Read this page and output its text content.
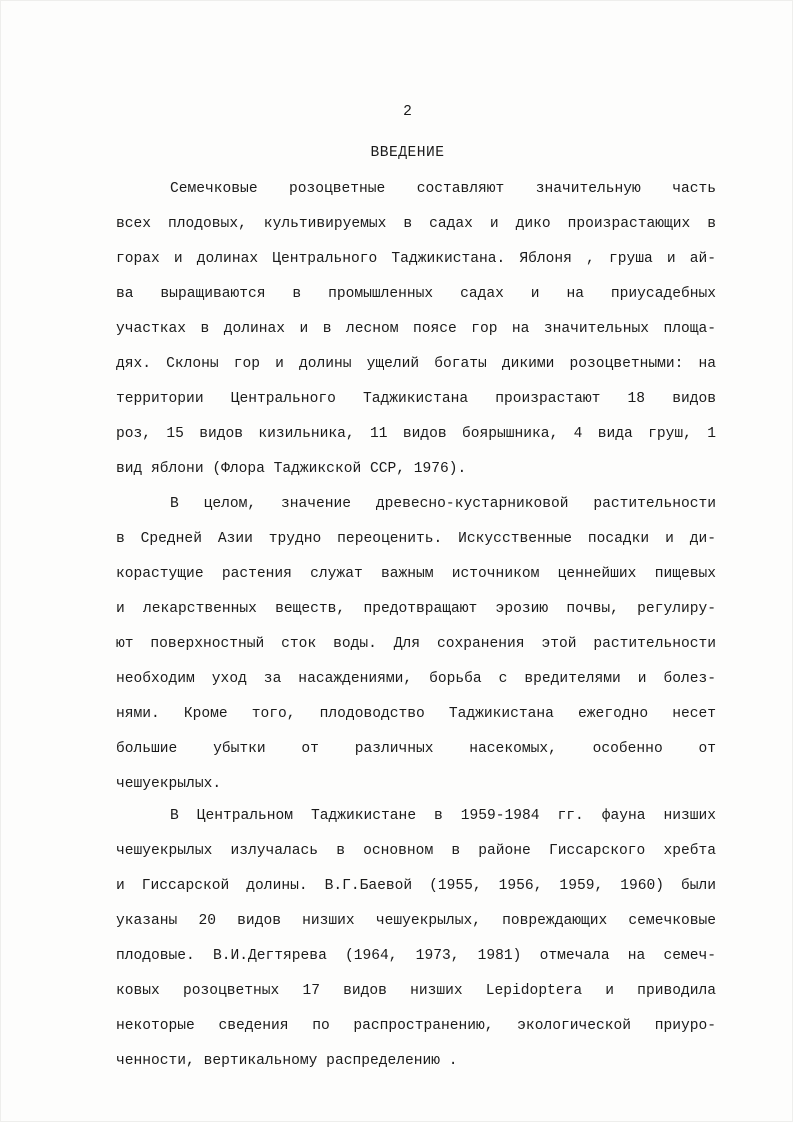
2
ВВЕДЕНИЕ
Семечковые розоцветные составляют значительную часть
всех плодовых, культивируемых в садах и дико произрастающих в
горах и долинах Центрального Таджикистана. Яблоня , груша и ай-
ва выращиваются в промышленных садах и на приусадебных
участках в долинах и в лесном поясе гор на значительных площа-
дях. Склоны гор и долины ущелий богаты дикими розоцветными: на
территории Центрального Таджикистана произрастают 18 видов
роз, 15 видов кизильника, 11 видов боярышника, 4 вида груш, 1
вид яблони (Флора Таджикской ССР, 1976).
В целом, значение древесно-кустарниковой растительности
в Средней Азии трудно переоценить. Искусственные посадки и ди-
корастущие растения служат важным источником ценнейших пищевых
и лекарственных веществ, предотвращают эрозию почвы, регулиру-
ют поверхностный сток воды. Для сохранения этой растительности
необходим уход за насаждениями, борьба с вредителями и болез-
нями. Кроме того, плодоводство Таджикистана ежегодно несет
большие убытки от различных насекомых, особенно от
чешуекрылых.
В Центральном Таджикистане в 1959-1984 гг. фауна низших
чешуекрылых излучалась в основном в районе Гиссарского хребта
и Гиссарской долины. В.Г.Баевой (1955, 1956, 1959, 1960) были
указаны 20 видов низших чешуекрылых, повреждающих семечковые
плодовые. В.И.Дегтярева (1964, 1973, 1981) отмечала на семеч-
ковых розоцветных 17 видов низших Lepidoptera и приводила
некоторые сведения по распространению, экологической приуро-
ченности, вертикальному распределению .
